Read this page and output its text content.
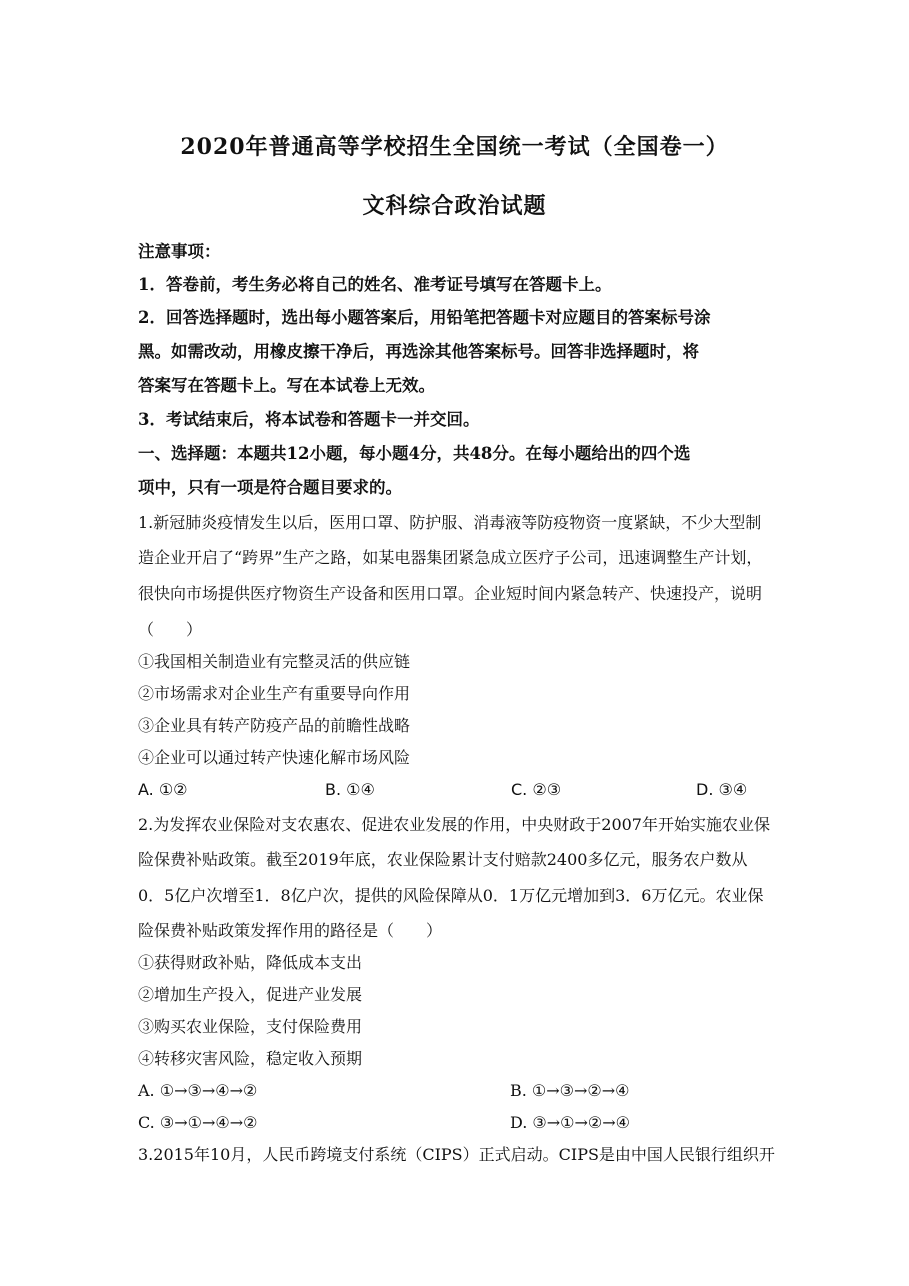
2020年普通高等学校招生全国统一考试（全国卷一）
文科综合政治试题
注意事项：
1．答卷前，考生务必将自己的姓名、准考证号填写在答题卡上。
2．回答选择题时，选出每小题答案后，用铅笔把答题卡对应题目的答案标号涂
黑。如需改动，用橡皮擦干净后，再选涂其他答案标号。回答非选择题时，将
答案写在答题卡上。写在本试卷上无效。
3．考试结束后，将本试卷和答题卡一并交回。
一、选择题：本题共12小题，每小题4分，共48分。在每小题给出的四个选
项中，只有一项是符合题目要求的。
1.新冠肺炎疫情发生以后，医用口罩、防护服、消毒液等防疫物资一度紧缺，不少大型制
造企业开启了“跨界”生产之路，如某电器集团紧急成立医疗子公司，迅速调整生产计划，
很快向市场提供医疗物资生产设备和医用口罩。企业短时间内紧急转产、快速投产，说明
（　　）
①我国相关制造业有完整灵活的供应链
②市场需求对企业生产有重要导向作用
③企业具有转产防疫产品的前瞻性战略
④企业可以通过转产快速化解市场风险
A. ①②	B. ①④	C. ②③	D. ③④
2.为发挥农业保险对支农惠农、促进农业发展的作用，中央财政于2007年开始实施农业保
险保费补贴政策。截至2019年底，农业保险累计支付赔款2400多亿元，服务农户数从
0．5亿户次增至1．8亿户次，提供的风险保障从0．1万亿元增加到3．6万亿元。农业保
险保费补贴政策发挥作用的路径是（　　）
①获得财政补贴，降低成本支出
②增加生产投入，促进产业发展
③购买农业保险，支付保险费用
④转移灾害风险，稳定收入预期
A. ①→③→④→②	B. ①→③→②→④
C. ③→①→④→②	D. ③→①→②→④
3.2015年10月，人民币跨境支付系统（CIPS）正式启动。CIPS是由中国人民银行组织开
